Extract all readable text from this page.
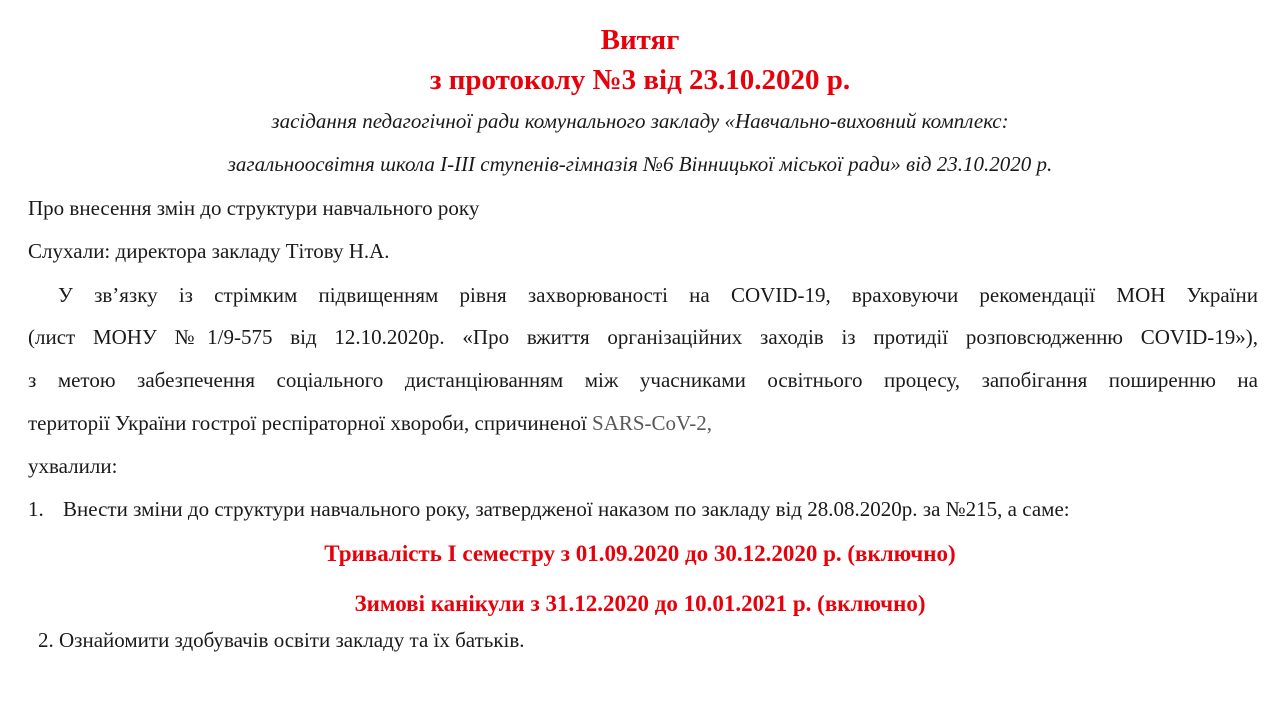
Витяг
з протоколу №3 від 23.10.2020 р.
засідання педагогічної ради комунального закладу «Навчально-виховний комплекс:
загальноосвітня школа І-ІІІ ступенів-гімназія №6 Вінницької міської ради» від 23.10.2020 р.
Про внесення змін до структури навчального року
Слухали: директора закладу Тітову Н.А.
У зв’язку із стрімким підвищенням рівня захворюваності на COVID-19, враховуючи рекомендації МОН України
(лист МОНУ №1/9-575 від 12.10.2020р. «Про вжиття організаційних заходів із протидії розповсюдженню COVID-19»),
з метою забезпечення соціального дистанціюванням між учасниками освітнього процесу, запобігання поширенню на
території України гострої респіраторної хвороби, спричиненої SARS-CoV-2,
ухвалили:
1. Внести зміни до структури навчального року, затвердженої наказом по закладу від 28.08.2020р. за №215, а саме:
Тривалість І семестру з 01.09.2020 до 30.12.2020 р. (включно)
Зимові канікули з 31.12.2020 до 10.01.2021 р. (включно)
2. Ознайомити здобувачів освіти закладу та їх батьків.
